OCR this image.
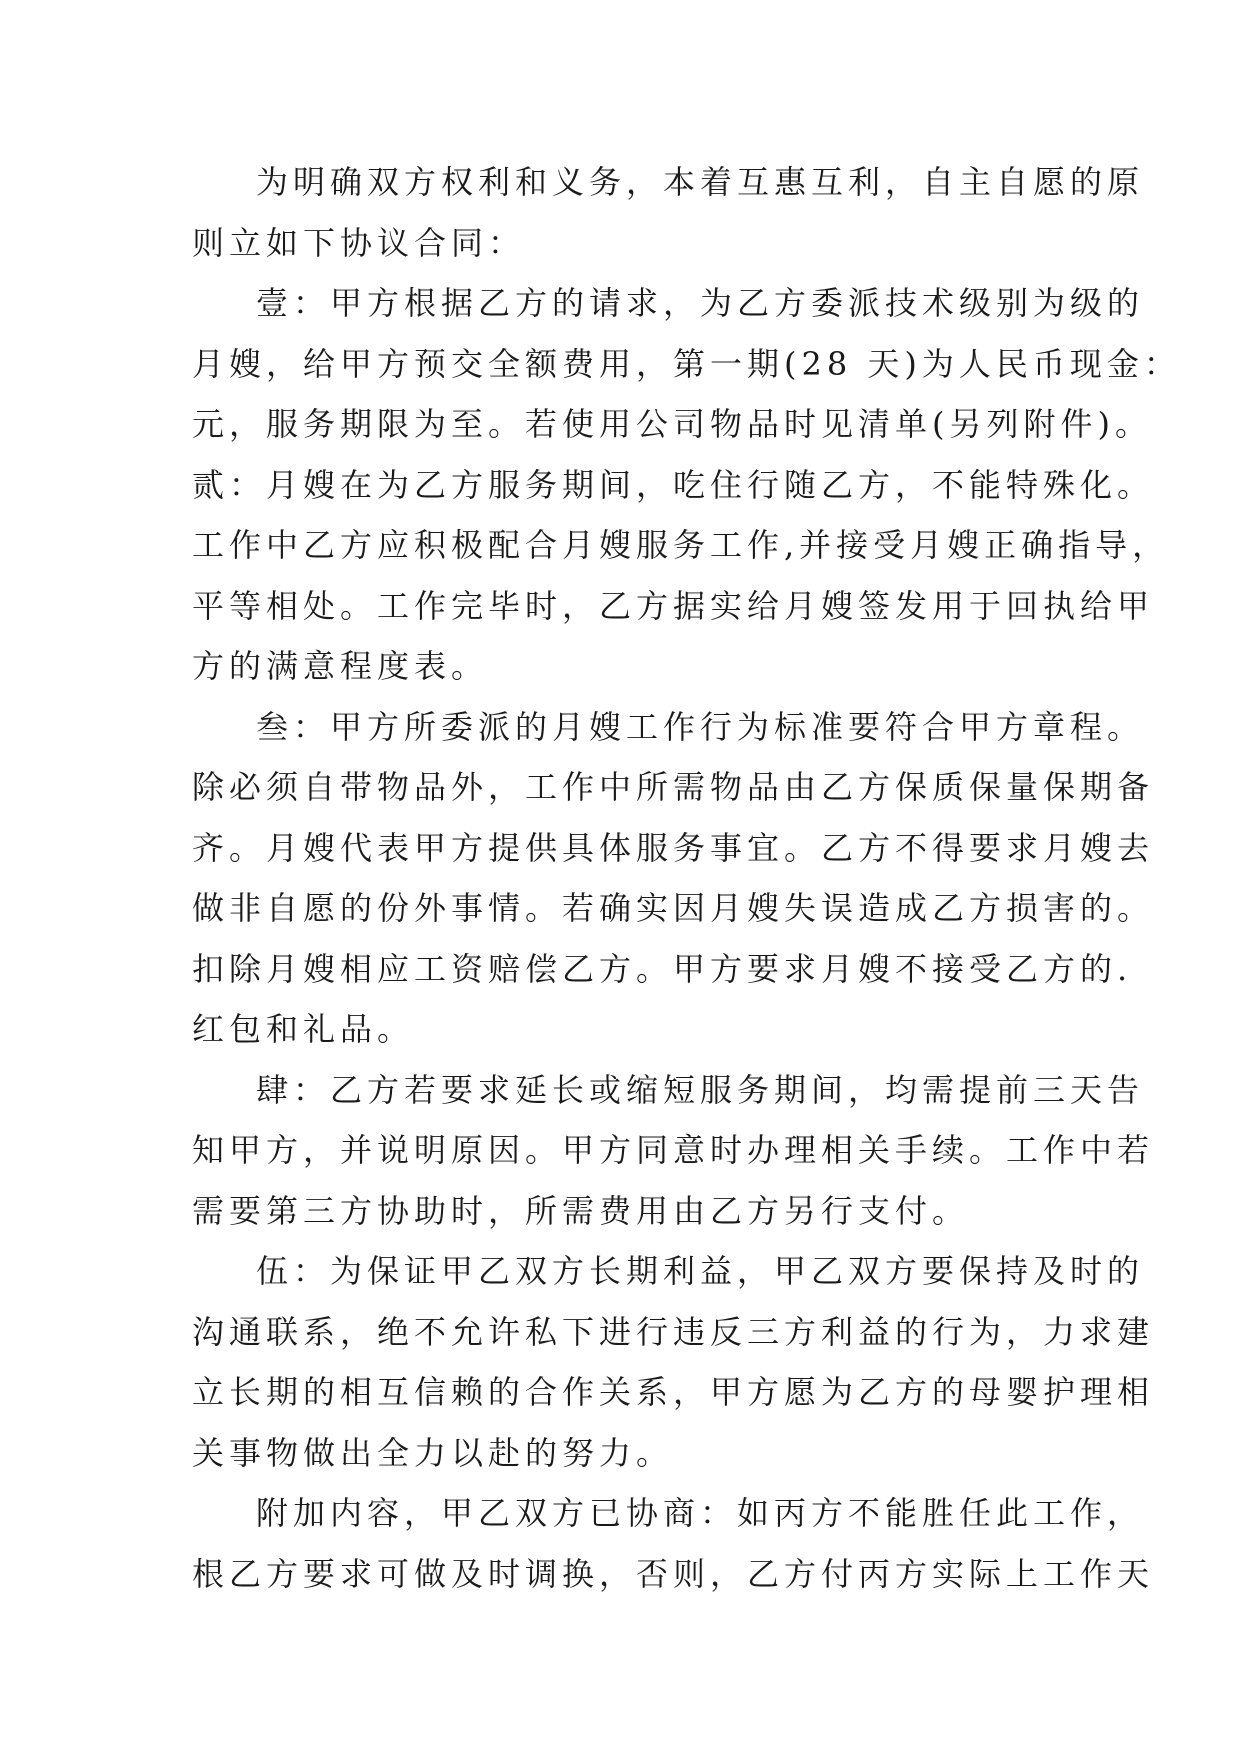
为明确双方权利和义务，本着互惠互利，自主自愿的原
则立如下协议合同：
壹：甲方根据乙方的请求，为乙方委派技术级别为级的
月嫂，给甲方预交全额费用，第一期(28 天)为人民币现金：
元，服务期限为至。若使用公司物品时见清单(另列附件)。
贰：月嫂在为乙方服务期间，吃住行随乙方，不能特殊化。
工作中乙方应积极配合月嫂服务工作,并接受月嫂正确指导，
平等相处。工作完毕时，乙方据实给月嫂签发用于回执给甲
方的满意程度表。
叁：甲方所委派的月嫂工作行为标准要符合甲方章程。
除必须自带物品外，工作中所需物品由乙方保质保量保期备
齐。月嫂代表甲方提供具体服务事宜。乙方不得要求月嫂去
做非自愿的份外事情。若确实因月嫂失误造成乙方损害的。
扣除月嫂相应工资赔偿乙方。甲方要求月嫂不接受乙方的.
红包和礼品。
肆：乙方若要求延长或缩短服务期间，均需提前三天告
知甲方，并说明原因。甲方同意时办理相关手续。工作中若
需要第三方协助时，所需费用由乙方另行支付。
伍：为保证甲乙双方长期利益，甲乙双方要保持及时的
沟通联系，绝不允许私下进行违反三方利益的行为，力求建
立长期的相互信赖的合作关系，甲方愿为乙方的母婴护理相
关事物做出全力以赴的努力。
附加内容，甲乙双方已协商：如丙方不能胜任此工作，
根乙方要求可做及时调换，否则，乙方付丙方实际上工作天
